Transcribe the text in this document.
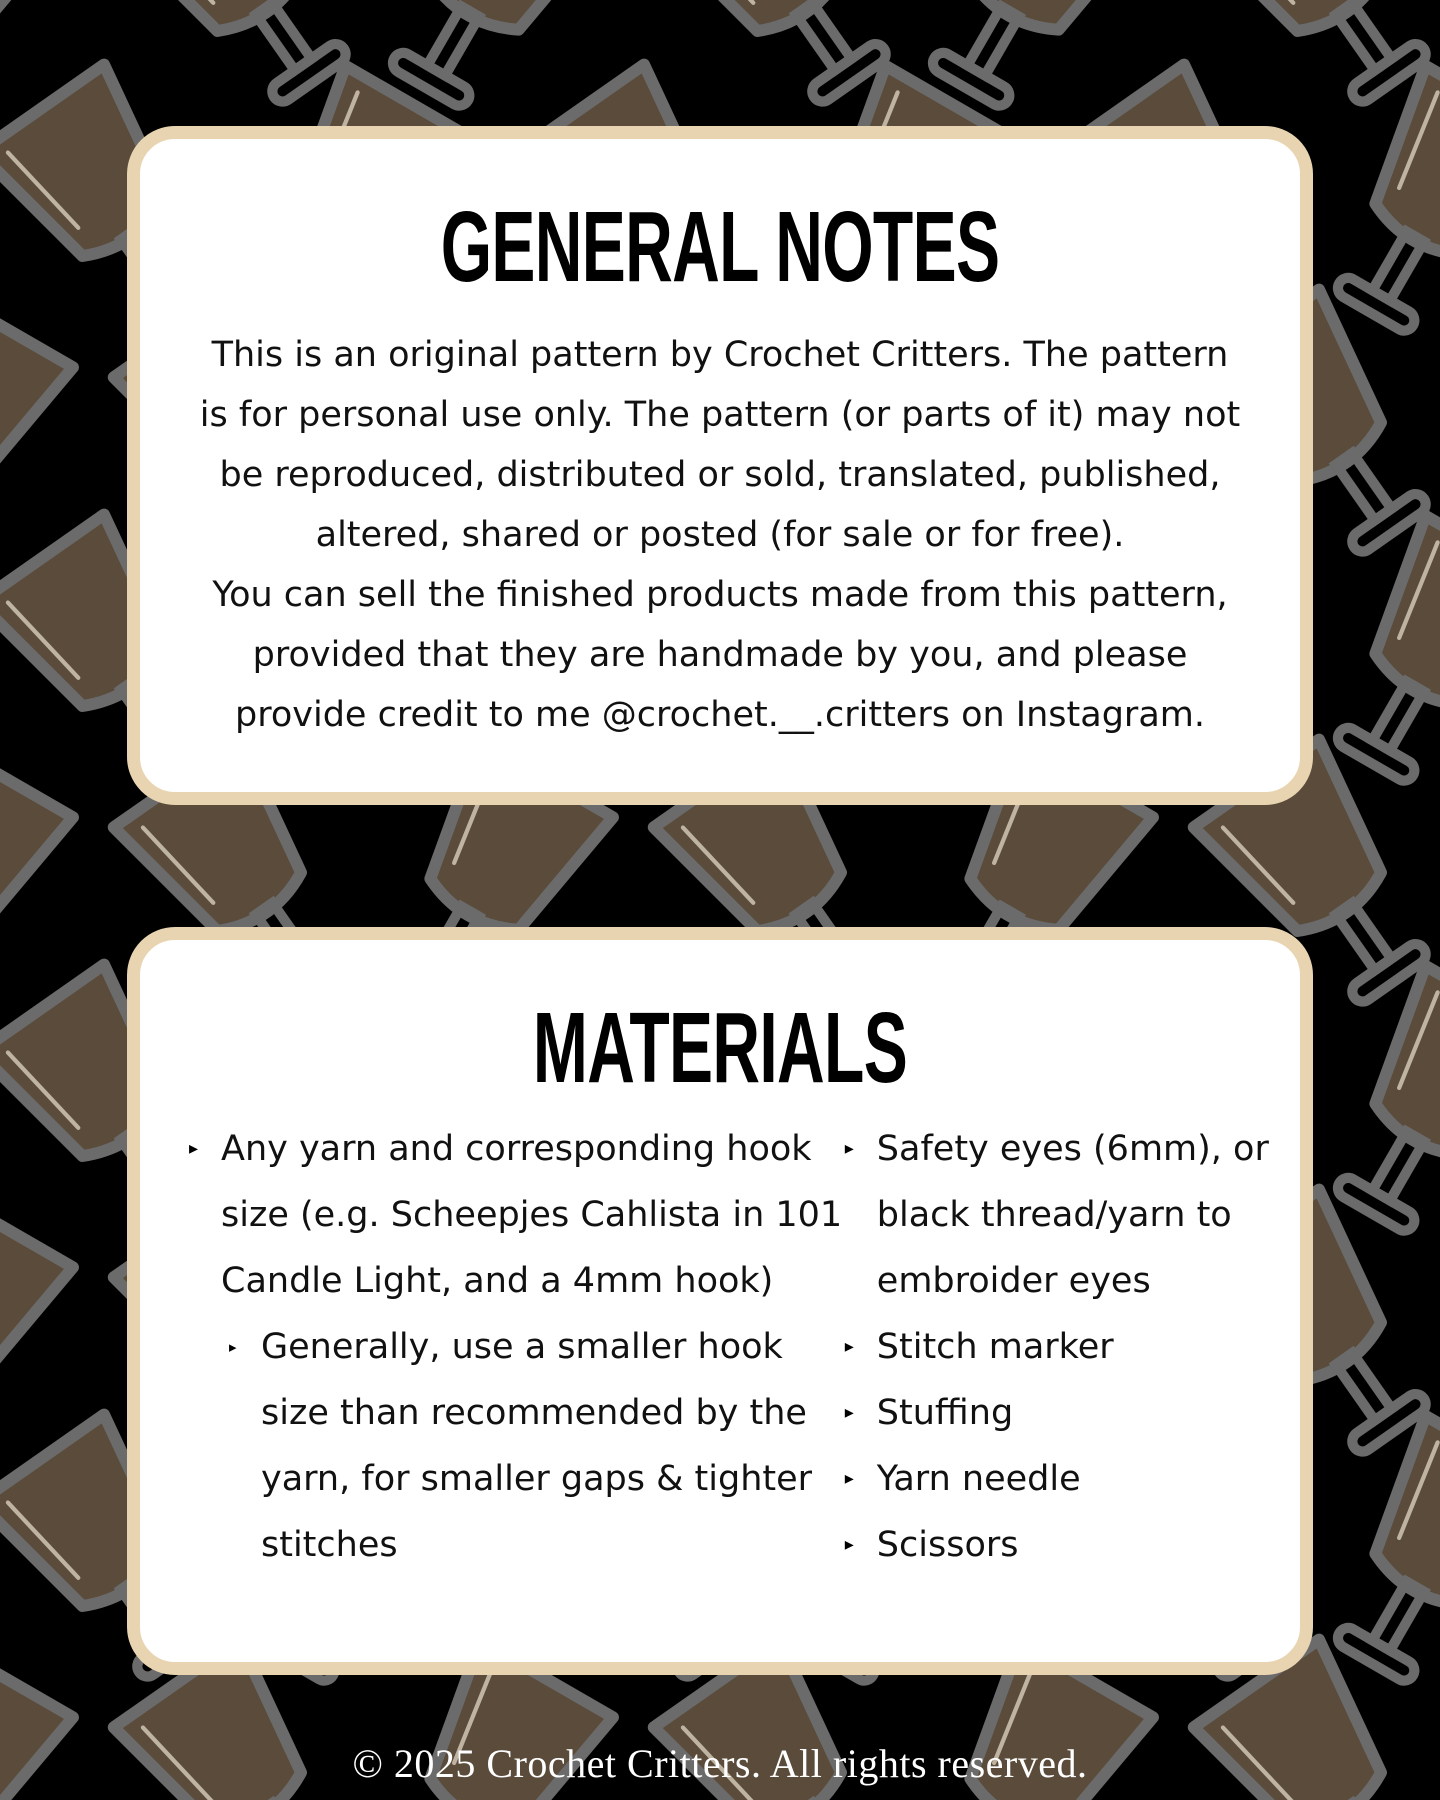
GENERAL NOTES

This is an original pattern by Crochet Critters. The pattern is for personal use only. The pattern (or parts of it) may not be reproduced, distributed or sold, translated, published, altered, shared or posted (for sale or for free).

You can sell the finished products made from this pattern, provided that they are handmade by you, and please provide credit to me @crochet.__.critters on Instagram.

MATERIALS
▸ Any yarn and corresponding hook size (e.g. Scheepjes Cahlista in 101 Candle Light, and a 4mm hook)
▸ Generally, use a smaller hook size than recommended by the yarn, for smaller gaps & tighter stitches
▸ Safety eyes (6mm), or black thread/yarn to embroider eyes
▸ Stitch marker
▸ Stuffing
▸ Yarn needle
▸ Scissors
© 2025 Crochet Critters. All rights reserved.
